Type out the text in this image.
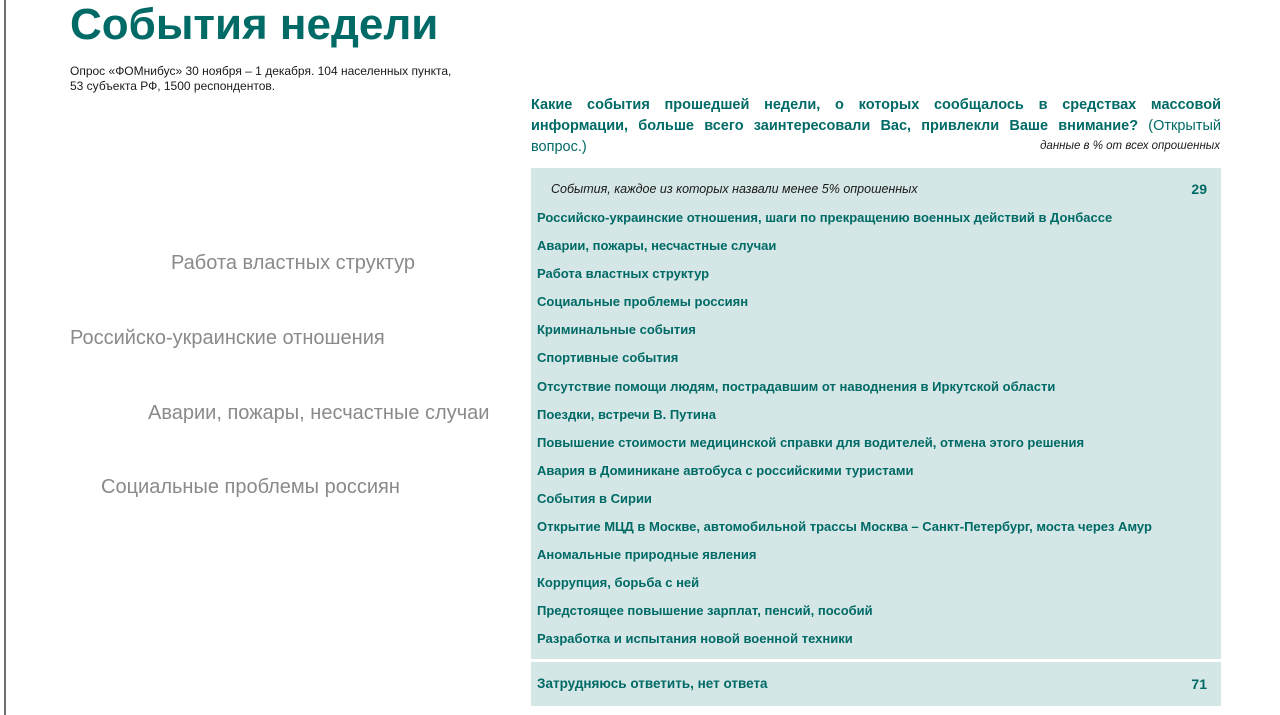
События недели
Опрос «ФОМнибус» 30 ноября – 1 декабря. 104 населенных пункта,
53 субъекта РФ, 1500 респондентов.
Работа властных структур
Российско-украинские отношения
Аварии, пожары, несчастные случаи
Социальные проблемы россиян
Какие события прошедшей недели, о которых сообщалось в средствах массовой информации, больше всего заинтересовали Вас, привлекли Ваше внимание? (Открытый вопрос.)	данные в % от всех опрошенных
События, каждое из которых назвали менее 5% опрошенных	29
Российско-украинские отношения, шаги по прекращению военных действий в Донбассе
Аварии, пожары, несчастные случаи
Работа властных структур
Социальные проблемы россиян
Криминальные события
Спортивные события
Отсутствие помощи людям, пострадавшим от наводнения в Иркутской области
Поездки, встречи В. Путина
Повышение стоимости медицинской справки для водителей, отмена этого решения
Авария в Доминикане автобуса с российскими туристами
События в Сирии
Открытие МЦД в Москве, автомобильной трассы Москва – Санкт-Петербург, моста через Амур
Аномальные природные явления
Коррупция, борьба с ней
Предстоящее повышение зарплат, пенсий, пособий
Разработка и испытания новой военной техники
Затрудняюсь ответить, нет ответа	71
